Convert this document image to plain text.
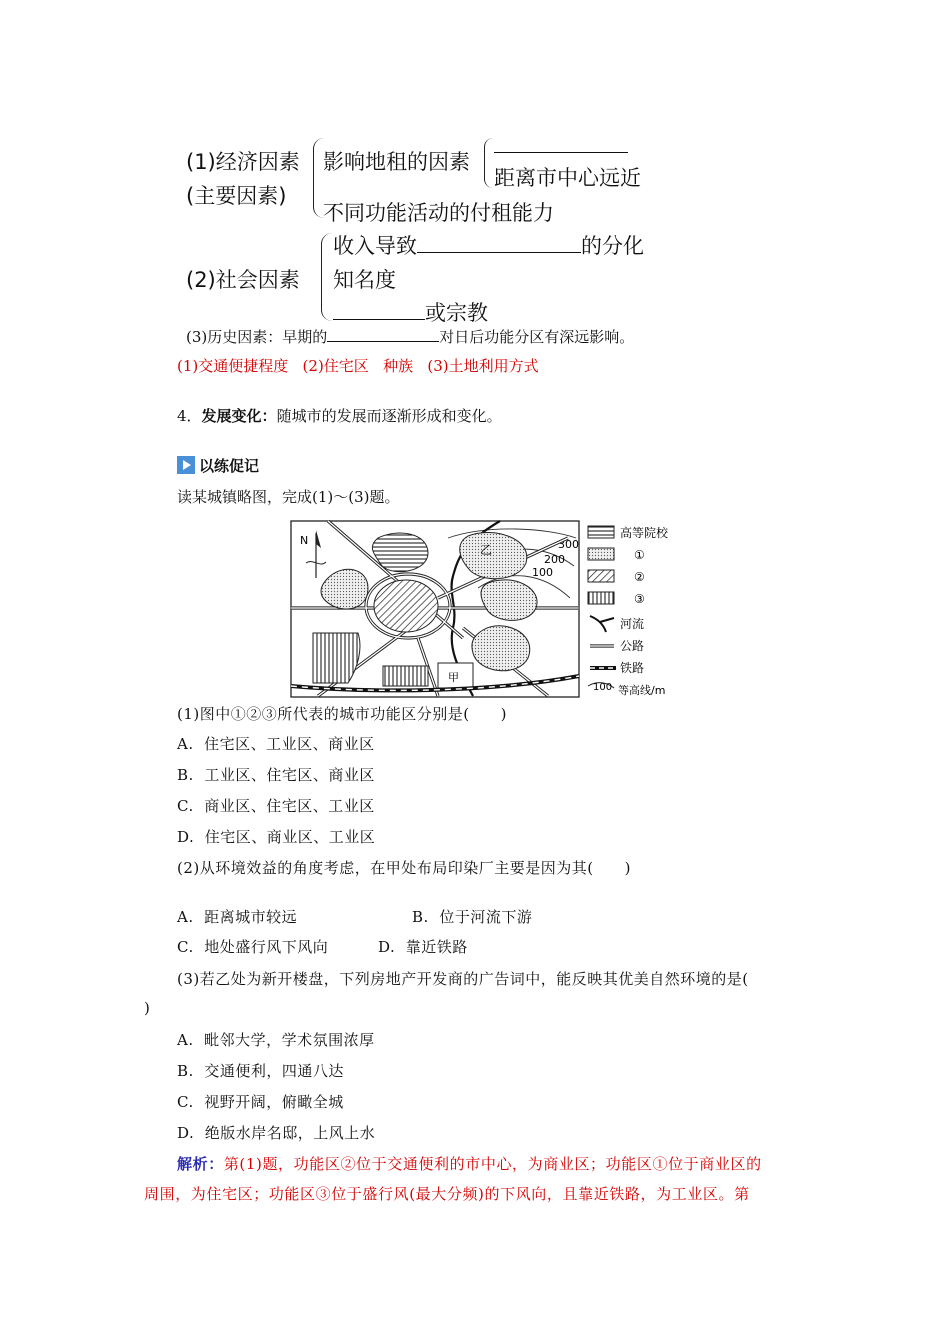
(1)经济因素
(主要因素)
影响地租的因素
距离市中心远近
不同功能活动的付租能力
(2)社会因素
收入导致	的分化
知名度
或宗教
(3)历史因素：早期的	对日后功能分区有深远影响。
(1)交通便捷程度   (2)住宅区   种族   (3)土地利用方式
4．发展变化：随城市的发展而逐渐形成和变化。
以练促记
读某城镇略图，完成(1)～(3)题。
300
200
100
乙
甲
N
高等院校
①
②
③
河流
公路
铁路
100 等高线/m
(1)图中①②③所代表的城市功能区分别是(　　)
A.  住宅区、工业区、商业区
B.  工业区、住宅区、商业区
C.  商业区、住宅区、工业区
D.  住宅区、商业区、工业区
(2)从环境效益的角度考虑，在甲处布局印染厂主要是因为其(　　)
A.  距离城市较远	B.  位于河流下游
C.  地处盛行风下风向	D.  靠近铁路
(3)若乙处为新开楼盘，下列房地产开发商的广告词中，能反映其优美自然环境的是(
)
A.  毗邻大学，学术氛围浓厚
B.  交通便利，四通八达
C.  视野开阔，俯瞰全城
D.  绝版水岸名邸，上风上水
解析：第(1)题，功能区②位于交通便利的市中心，为商业区；功能区①位于商业区的
周围，为住宅区；功能区③位于盛行风(最大分频)的下风向，且靠近铁路，为工业区。第
